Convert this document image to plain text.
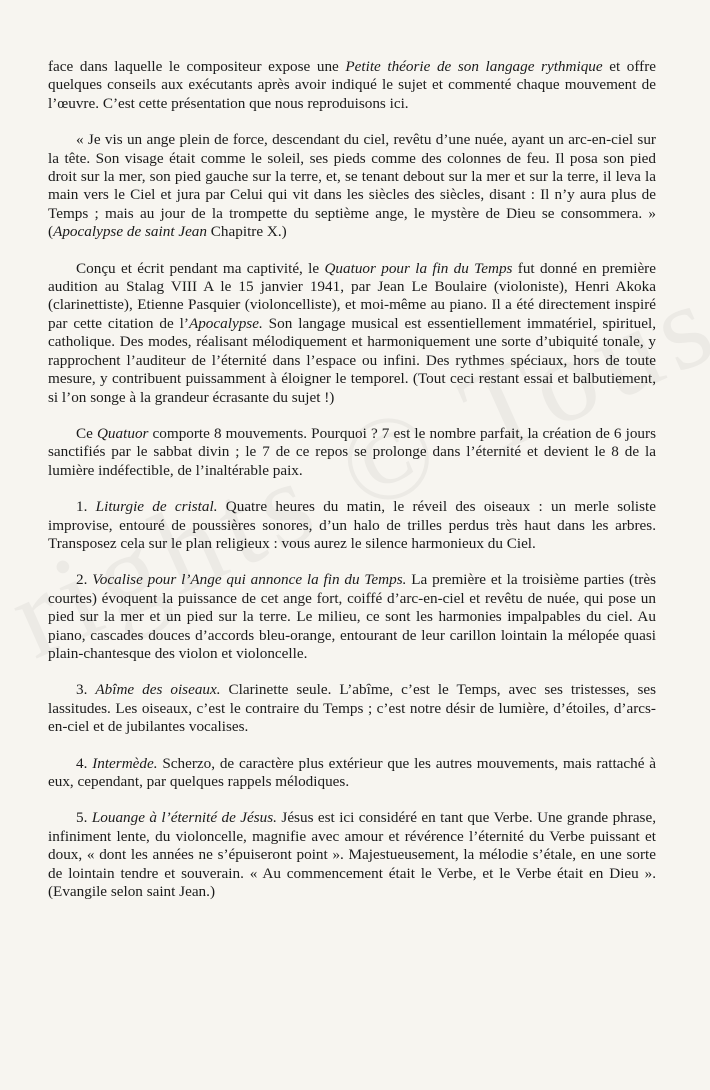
face dans laquelle le compositeur expose une Petite théorie de son langage rythmique et offre quelques conseils aux exécutants après avoir indiqué le sujet et commenté chaque mouvement de l’œuvre. C’est cette présentation que nous reproduisons ici.

« Je vis un ange plein de force, descendant du ciel, revêtu d’une nuée, ayant un arc-en-ciel sur la tête. Son visage était comme le soleil, ses pieds comme des colonnes de feu. Il posa son pied droit sur la mer, son pied gauche sur la terre, et, se tenant debout sur la mer et sur la terre, il leva la main vers le Ciel et jura par Celui qui vit dans les siècles des siècles, disant : Il n’y aura plus de Temps ; mais au jour de la trompette du septième ange, le mystère de Dieu se consommera. » (Apocalypse de saint Jean Chapitre X.)

Conçu et écrit pendant ma captivité, le Quatuor pour la fin du Temps fut donné en première audition au Stalag VIII A le 15 janvier 1941, par Jean Le Boulaire (violoniste), Henri Akoka (clarinettiste), Etienne Pasquier (violoncelliste), et moi-même au piano. Il a été directement inspiré par cette citation de l’Apocalypse. Son langage musical est essentiellement immatériel, spirituel, catholique. Des modes, réalisant mélodiquement et harmoniquement une sorte d’ubiquité tonale, y rapprochent l’auditeur de l’éternité dans l’espace ou infini. Des rythmes spéciaux, hors de toute mesure, y contribuent puissamment à éloigner le temporel. (Tout ceci restant essai et balbutiement, si l’on songe à la grandeur écrasante du sujet !)

Ce Quatuor comporte 8 mouvements. Pourquoi ? 7 est le nombre parfait, la création de 6 jours sanctifiés par le sabbat divin ; le 7 de ce repos se prolonge dans l’éternité et devient le 8 de la lumière indéfectible, de l’inaltérable paix.

1. Liturgie de cristal. Quatre heures du matin, le réveil des oiseaux : un merle soliste improvise, entouré de poussières sonores, d’un halo de trilles perdus très haut dans les arbres. Transposez cela sur le plan religieux : vous aurez le silence harmonieux du Ciel.

2. Vocalise pour l’Ange qui annonce la fin du Temps. La première et la troisième parties (très courtes) évoquent la puissance de cet ange fort, coiffé d’arc-en-ciel et revêtu de nuée, qui pose un pied sur la mer et un pied sur la terre. Le milieu, ce sont les harmonies impalpables du ciel. Au piano, cascades douces d’accords bleu-orange, entourant de leur carillon lointain la mélopée quasi plain-chantesque des violon et violoncelle.

3. Abîme des oiseaux. Clarinette seule. L’abîme, c’est le Temps, avec ses tristesses, ses lassitudes. Les oiseaux, c’est le contraire du Temps ; c’est notre désir de lumière, d’étoiles, d’arcs-en-ciel et de jubilantes vocalises.

4. Intermède. Scherzo, de caractère plus extérieur que les autres mouvements, mais rattaché à eux, cependant, par quelques rappels mélodiques.

5. Louange à l’éternité de Jésus. Jésus est ici considéré en tant que Verbe. Une grande phrase, infiniment lente, du violoncelle, magnifie avec amour et révérence l’éternité du Verbe puissant et doux, « dont les années ne s’épuiseront point ». Majestueusement, la mélodie s’étale, en une sorte de lointain tendre et souverain. « Au commencement était le Verbe, et le Verbe était en Dieu ». (Evangile selon saint Jean.)
